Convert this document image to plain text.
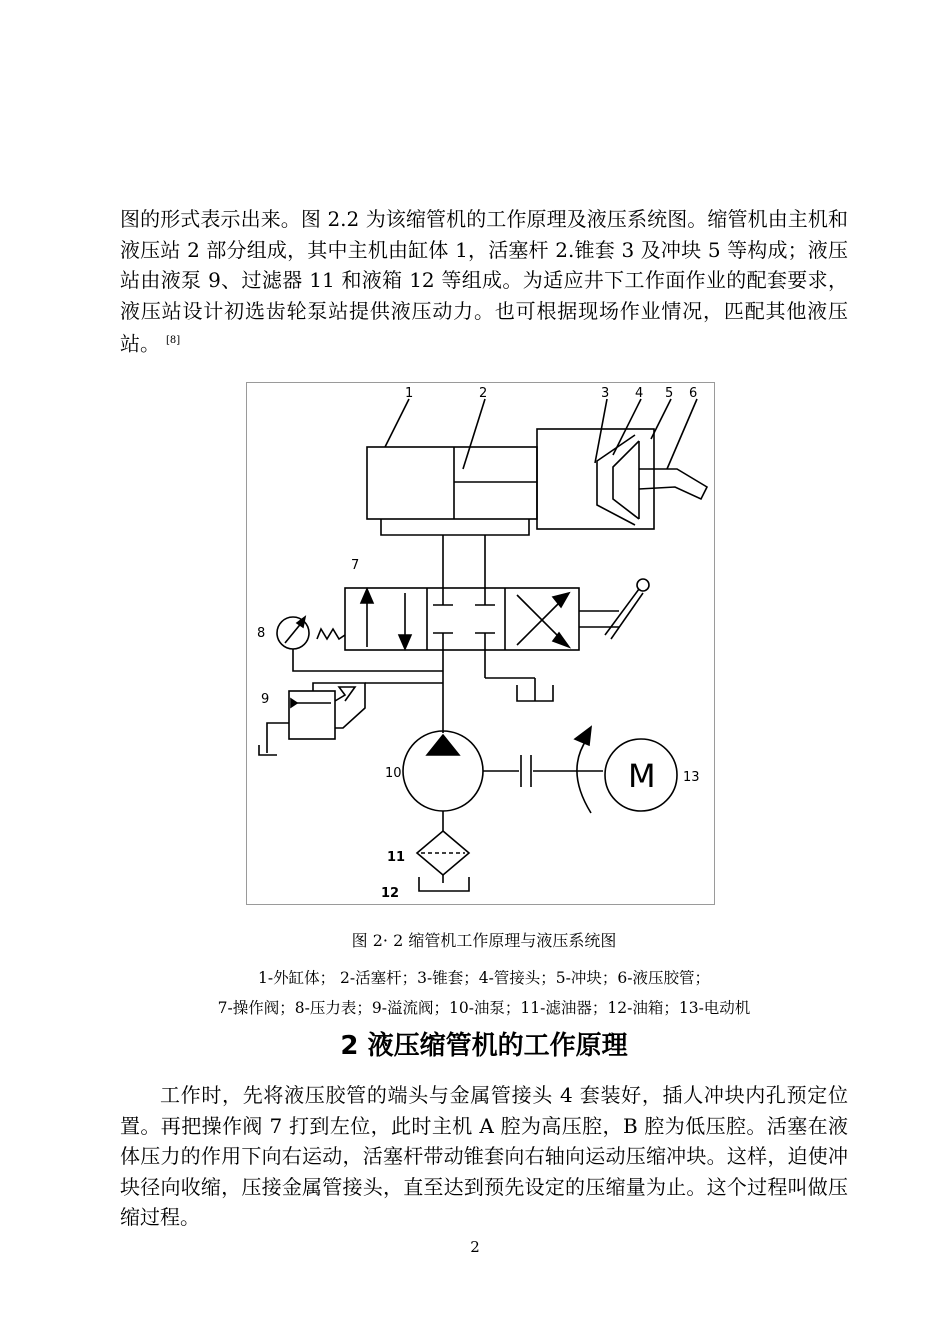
图的形式表示出来。图 2.2 为该缩管机的工作原理及液压系统图。缩管机由主机和液压站 2 部分组成，其中主机由缸体 1，活塞杆 2.锥套 3 及冲块 5 等构成；液压站由液泵 9、过滤器 11 和液箱 12 等组成。为适应井下工作面作业的配套要求，液压站设计初选齿轮泵站提供液压动力。也可根据现场作业情况，匹配其他液压站。 [8]

1	2	3 4 5 6
7
8
9
10	13
11
12
M

图 2· 2 缩管机工作原理与液压系统图

1-外缸体； 2-活塞杆；3-锥套；4-管接头；5-冲块；6-液压胶管；

7-操作阀；8-压力表；9-溢流阀；10-油泵；11-滤油器；12-油箱；13-电动机

2 液压缩管机的工作原理

工作时，先将液压胶管的端头与金属管接头 4 套装好，插人冲块内孔预定位置。再把操作阀 7 打到左位，此时主机 A 腔为高压腔，B 腔为低压腔。活塞在液体压力的作用下向右运动，活塞杆带动锥套向右轴向运动压缩冲块。这样，迫使冲块径向收缩，压接金属管接头，直至达到预先设定的压缩量为止。这个过程叫做压缩过程。

2
